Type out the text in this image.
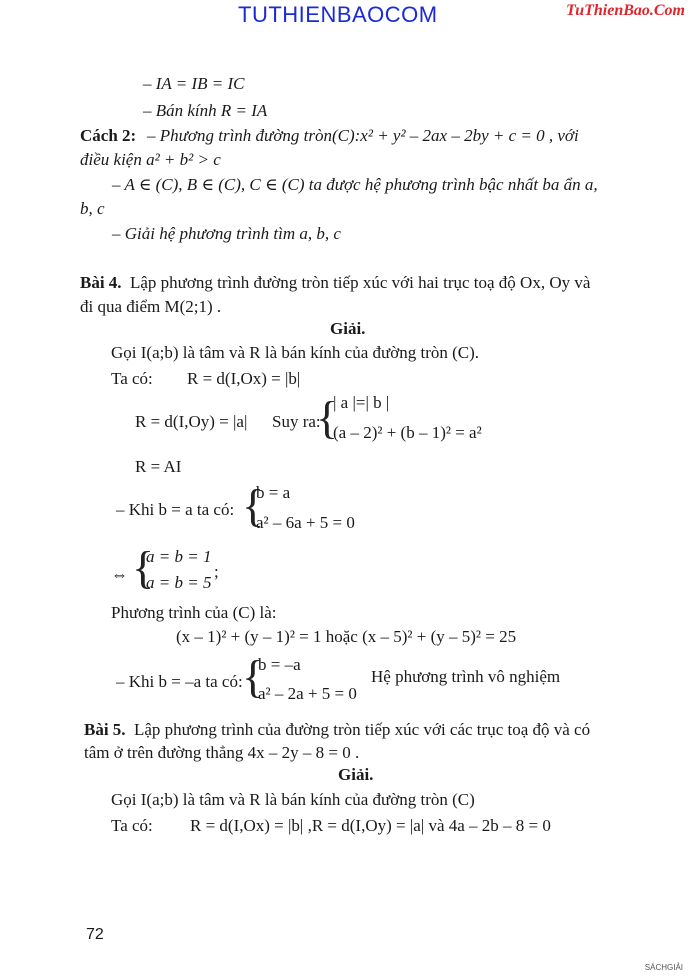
TUTHIENBAOCOM	TuThienBao.Com
– IA = IB = IC
– Bán kính R = IA
Cách 2: – Phương trình đường tròn(C):x² + y² – 2ax – 2by + c = 0 , với
điều kiện a² + b² > c
– A ∈ (C), B ∈ (C), C ∈ (C) ta được hệ phương trình bậc nhất ba ẩn a,
b, c
– Giải hệ phương trình tìm a, b, c
Bài 4. Lập phương trình đường tròn tiếp xúc với hai trục toạ độ Ox, Oy và
đi qua điểm M(2;1) .
Giải.
Gọi I(a;b) là tâm và R là bán kính của đường tròn (C).
Ta có: R = d(I,Ox) = |b|
R = d(I,Oy) = |a| Suy ra:
{
| a |=| b |
(a – 2)² + (b – 1)² = a²
R = AI
– Khi b = a ta có: {
b = a
a² – 6a + 5 = 0
⇔ {
a = b = 1
a = b = 5
;
Phương trình của (C) là:
(x – 1)² + (y – 1)² = 1 hoặc (x – 5)² + (y – 5)² = 25
– Khi b = –a ta có: {
b = –a
a² – 2a + 5 = 0
Hệ phương trình vô nghiệm
Bài 5. Lập phương trình của đường tròn tiếp xúc với các trục toạ độ và có
tâm ở trên đường thẳng 4x – 2y – 8 = 0 .
Giải.
Gọi I(a;b) là tâm và R là bán kính của đường tròn (C)
Ta có: R = d(I,Ox) = |b| ,R = d(I,Oy) = |a| và 4a – 2b – 8 = 0
72
SÁCHGIẢI
